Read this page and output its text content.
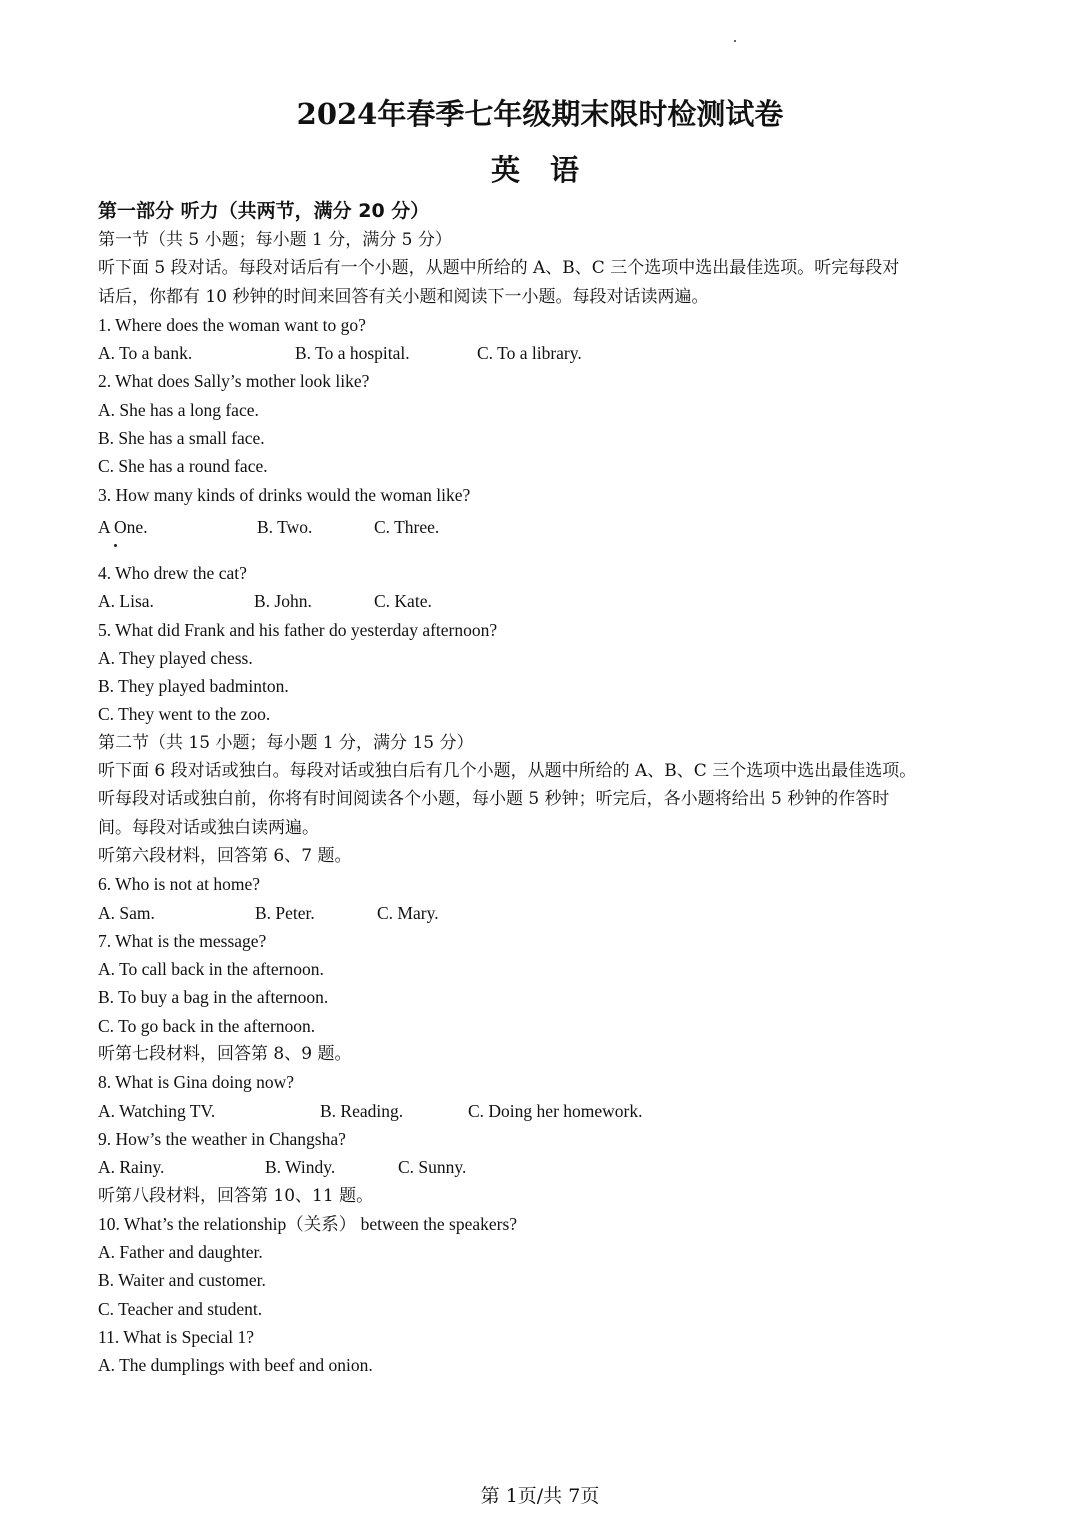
2024年春季七年级期末限时检测试卷
英 语
第一部分 听力（共两节，满分 20 分）
第一节（共 5 小题；每小题 1 分，满分 5 分）
听下面 5 段对话。每段对话后有一个小题，从题中所给的 A、B、C 三个选项中选出最佳选项。听完每段对
话后，你都有 10 秒钟的时间来回答有关小题和阅读下一小题。每段对话读两遍。
1. Where does the woman want to go?
A. To a bank.	B. To a hospital.	C. To a library.
2. What does Sally’s mother look like?
A. She has a long face.
B. She has a small face.
C. She has a round face.
3. How many kinds of drinks would the woman like?
A One.	B. Two.	C. Three.
4. Who drew the cat?
A. Lisa.	B. John.	C. Kate.
5. What did Frank and his father do yesterday afternoon?
A. They played chess.
B. They played badminton.
C. They went to the zoo.
第二节（共 15 小题；每小题 1 分，满分 15 分）
听下面 6 段对话或独白。每段对话或独白后有几个小题，从题中所给的 A、B、C 三个选项中选出最佳选项。
听每段对话或独白前，你将有时间阅读各个小题，每小题 5 秒钟；听完后，各小题将给出 5 秒钟的作答时
间。每段对话或独白读两遍。
听第六段材料，回答第 6、7 题。
6. Who is not at home?
A. Sam.	B. Peter.	C. Mary.
7. What is the message?
A. To call back in the afternoon.
B. To buy a bag in the afternoon.
C. To go back in the afternoon.
听第七段材料，回答第 8、9 题。
8. What is Gina doing now?
A. Watching TV.	B. Reading.	C. Doing her homework.
9. How’s the weather in Changsha?
A. Rainy.	B. Windy.	C. Sunny.
听第八段材料，回答第 10、11 题。
10. What’s the relationship（关系） between the speakers?
A. Father and daughter.
B. Waiter and customer.
C. Teacher and student.
11. What is Special 1?
A. The dumplings with beef and onion.
第 1页/共 7页
